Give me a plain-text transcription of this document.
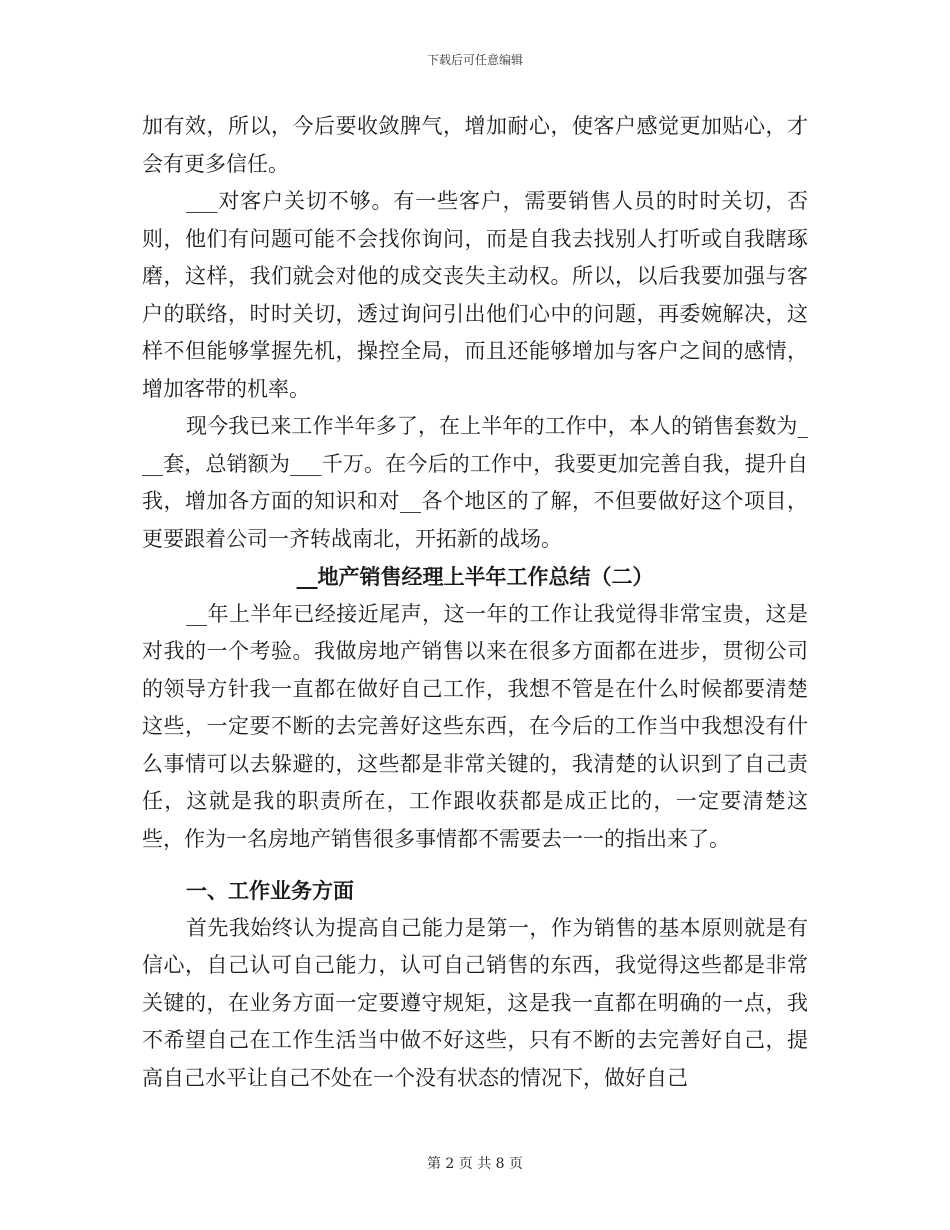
下载后可任意编辑

加有效，所以，今后要收敛脾气，增加耐心，使客户感觉更加贴心，才会有更多信任。

___对客户关切不够。有一些客户，需要销售人员的时时关切，否则，他们有问题可能不会找你询问，而是自我去找别人打听或自我瞎琢磨，这样，我们就会对他的成交丧失主动权。所以，以后我要加强与客户的联络，时时关切，透过询问引出他们心中的问题，再委婉解决，这样不但能够掌握先机，操控全局，而且还能够增加与客户之间的感情，增加客带的机率。

现今我已来工作半年多了，在上半年的工作中，本人的销售套数为___套，总销额为___千万。在今后的工作中，我要更加完善自我，提升自我，增加各方面的知识和对__各个地区的了解，不但要做好这个项目，更要跟着公司一齐转战南北，开拓新的战场。

__地产销售经理上半年工作总结（二）

__年上半年已经接近尾声，这一年的工作让我觉得非常宝贵，这是对我的一个考验。我做房地产销售以来在很多方面都在进步，贯彻公司的领导方针我一直都在做好自己工作，我想不管是在什么时候都要清楚这些，一定要不断的去完善好这些东西，在今后的工作当中我想没有什么事情可以去躲避的，这些都是非常关键的，我清楚的认识到了自己责任，这就是我的职责所在，工作跟收获都是成正比的，一定要清楚这些，作为一名房地产销售很多事情都不需要去一一的指出来了。

一、工作业务方面

首先我始终认为提高自己能力是第一，作为销售的基本原则就是有信心，自己认可自己能力，认可自己销售的东西，我觉得这些都是非常关键的，在业务方面一定要遵守规矩，这是我一直都在明确的一点，我不希望自己在工作生活当中做不好这些，只有不断的去完善好自己，提高自己水平让自己不处在一个没有状态的情况下，做好自己

第 2 页 共 8 页
